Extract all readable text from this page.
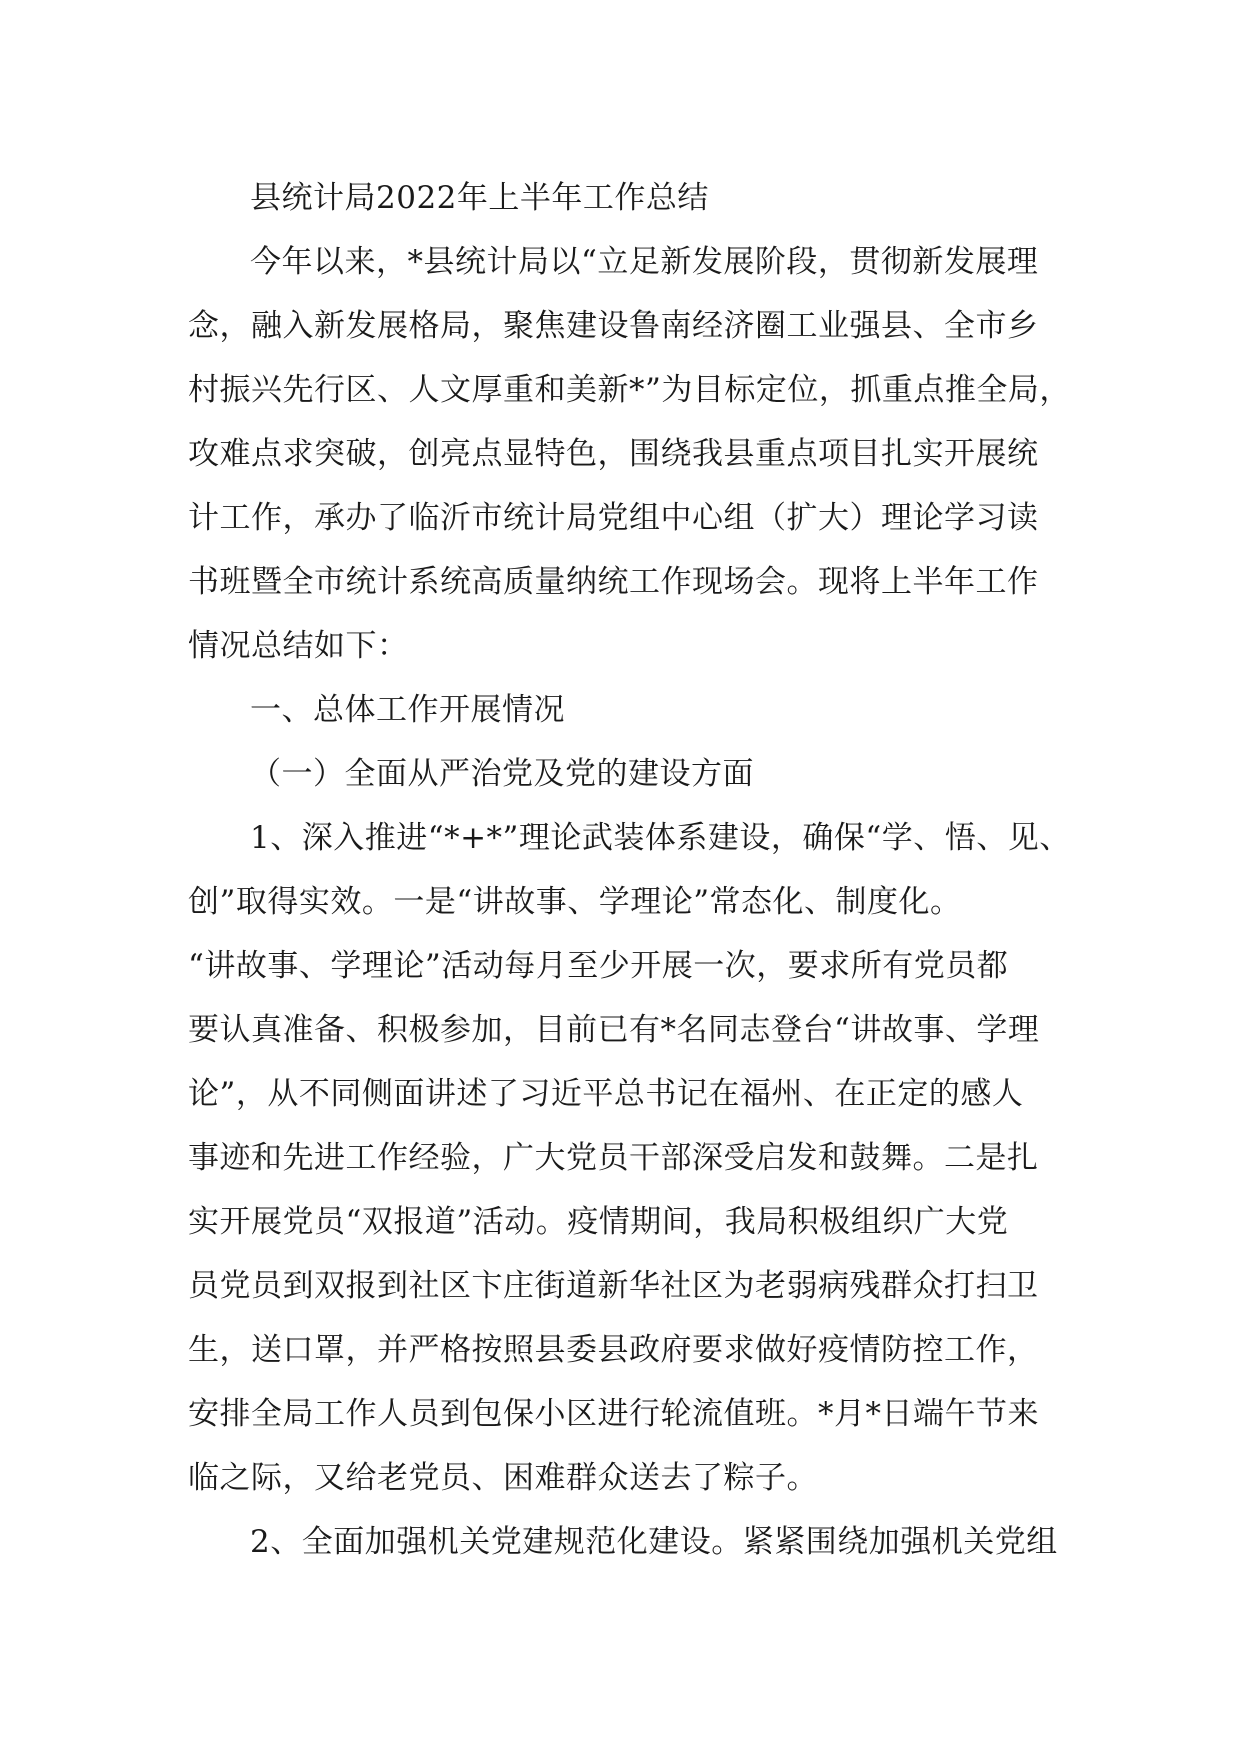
县统计局2022年上半年工作总结
今年以来，*县统计局以“立足新发展阶段，贯彻新发展理
念，融入新发展格局，聚焦建设鲁南经济圈工业强县、全市乡
村振兴先行区、人文厚重和美新*”为目标定位，抓重点推全局，
攻难点求突破，创亮点显特色，围绕我县重点项目扎实开展统
计工作，承办了临沂市统计局党组中心组（扩大）理论学习读
书班暨全市统计系统高质量纳统工作现场会。现将上半年工作
情况总结如下：
一、总体工作开展情况
（一）全面从严治党及党的建设方面
1、深入推进“*+*”理论武装体系建设，确保“学、悟、见、
创”取得实效。一是“讲故事、学理论”常态化、制度化。
“讲故事、学理论”活动每月至少开展一次，要求所有党员都
要认真准备、积极参加，目前已有*名同志登台“讲故事、学理
论”，从不同侧面讲述了习近平总书记在福州、在正定的感人
事迹和先进工作经验，广大党员干部深受启发和鼓舞。二是扎
实开展党员“双报道”活动。疫情期间，我局积极组织广大党
员党员到双报到社区卞庄街道新华社区为老弱病残群众打扫卫
生，送口罩，并严格按照县委县政府要求做好疫情防控工作，
安排全局工作人员到包保小区进行轮流值班。*月*日端午节来
临之际，又给老党员、困难群众送去了粽子。
2、全面加强机关党建规范化建设。紧紧围绕加强机关党组
